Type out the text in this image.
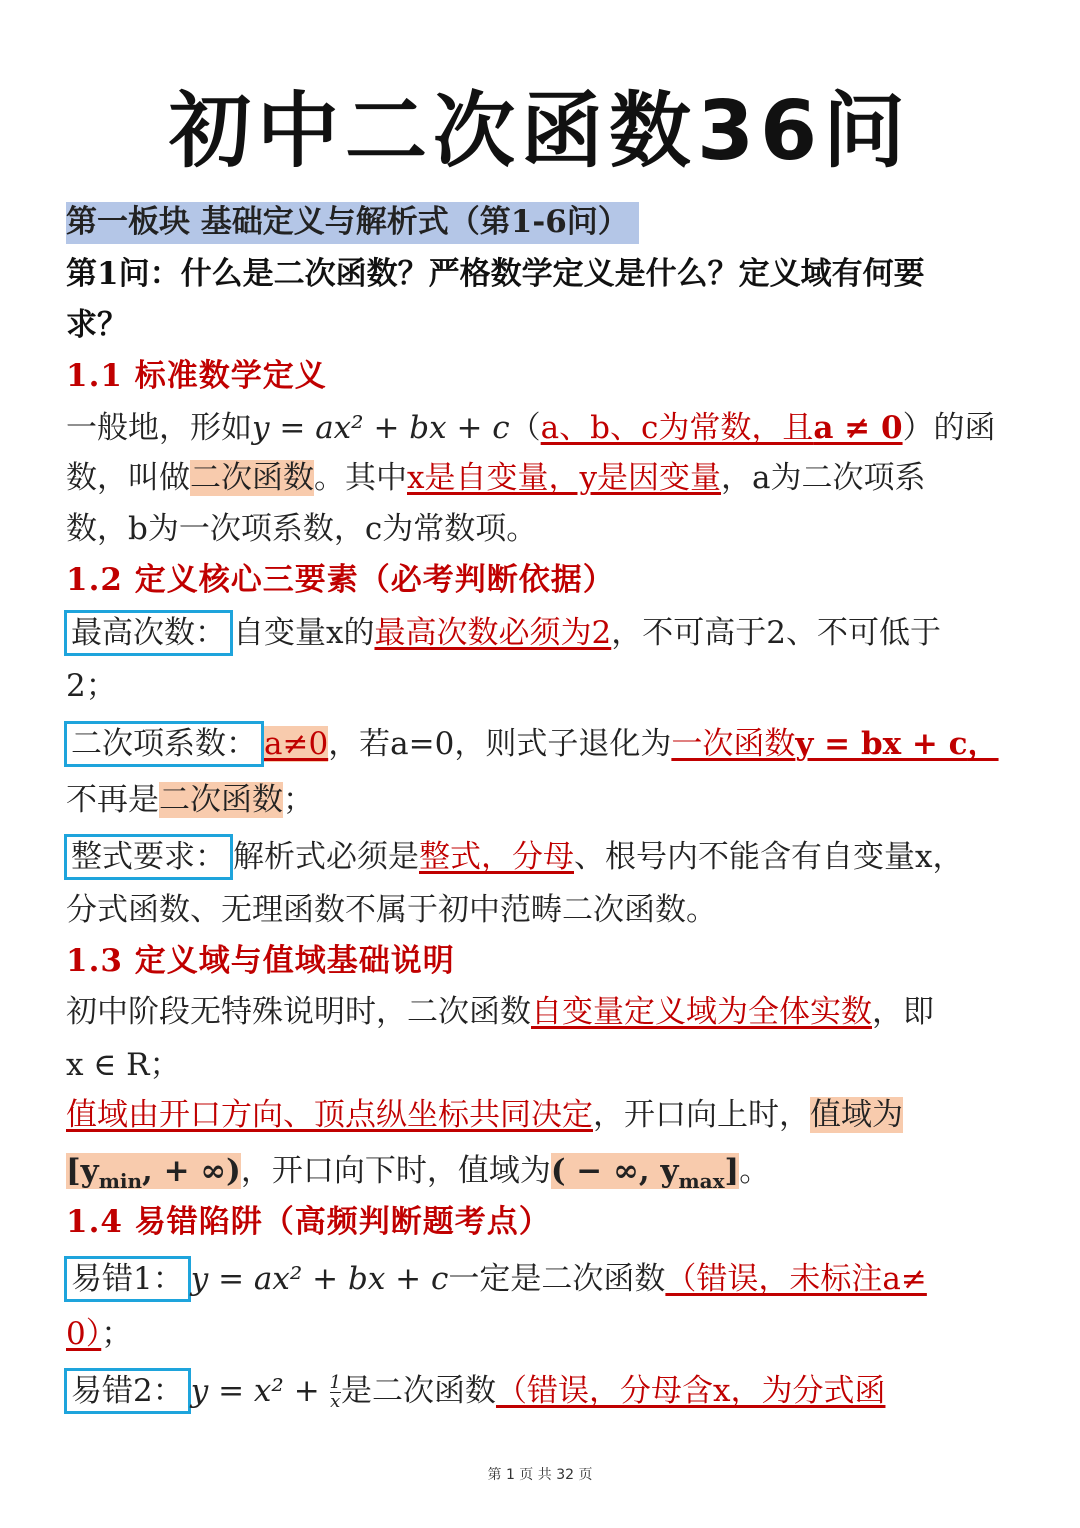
初中二次函数36问
第一板块 基础定义与解析式（第1-6问）
第1问：什么是二次函数？严格数学定义是什么？定义域有何要
求？
1.1 标准数学定义
一般地，形如y = ax² + bx + c（a、b、c为常数，且a ≠ 0）的函
数，叫做二次函数。其中x是自变量，y是因变量，a为二次项系
数，b为一次项系数，c为常数项。
1.2 定义核心三要素（必考判断依据）
最高次数： 自变量x的最高次数必须为2，不可高于2、不可低于
2；
二次项系数： a≠0，若a=0，则式子退化为一次函数y = bx + c，
不再是二次函数；
整式要求： 解析式必须是整式，分母、根号内不能含有自变量x，
分式函数、无理函数不属于初中范畴二次函数。
1.3 定义域与值域基础说明
初中阶段无特殊说明时，二次函数自变量定义域为全体实数，即
x ∈ R；
值域由开口方向、顶点纵坐标共同决定，开口向上时，值域为
[$y_{min}$, + ∞)，开口向下时，值域为( − ∞, $y_{max}$]。
1.4 易错陷阱（高频判断题考点）
易错1： y = ax² + bx + c一定是二次函数（错误，未标注a≠
0）；
易错2： $y = x^2 + \frac{1}{x}$ 是二次函数（错误，分母含x，为分式函
第 1 页 共 32 页
